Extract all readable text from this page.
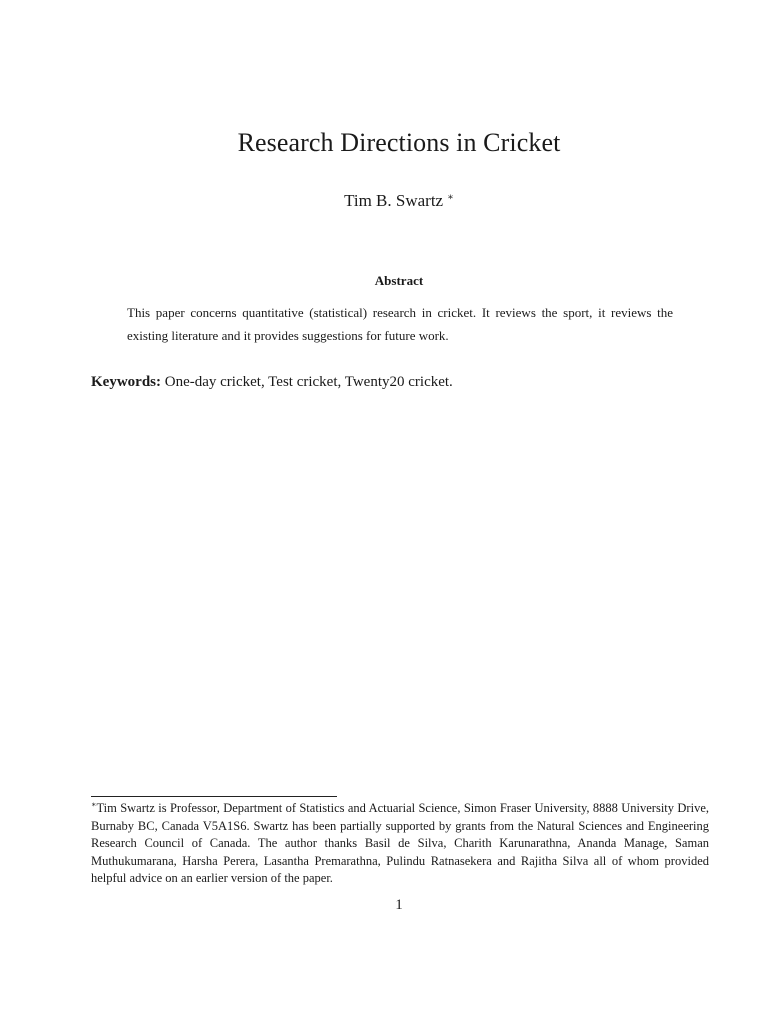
Research Directions in Cricket

Tim B. Swartz ∗

Abstract

This paper concerns quantitative (statistical) research in cricket. It reviews the sport, it reviews the existing literature and it provides suggestions for future work.

Keywords: One-day cricket, Test cricket, Twenty20 cricket.

∗Tim Swartz is Professor, Department of Statistics and Actuarial Science, Simon Fraser University, 8888 University Drive, Burnaby BC, Canada V5A1S6. Swartz has been partially supported by grants from the Natural Sciences and Engineering Research Council of Canada. The author thanks Basil de Silva, Charith Karunarathna, Ananda Manage, Saman Muthukumarana, Harsha Perera, Lasantha Premarathna, Pulindu Ratnasekera and Rajitha Silva all of whom provided helpful advice on an earlier version of the paper.

1
